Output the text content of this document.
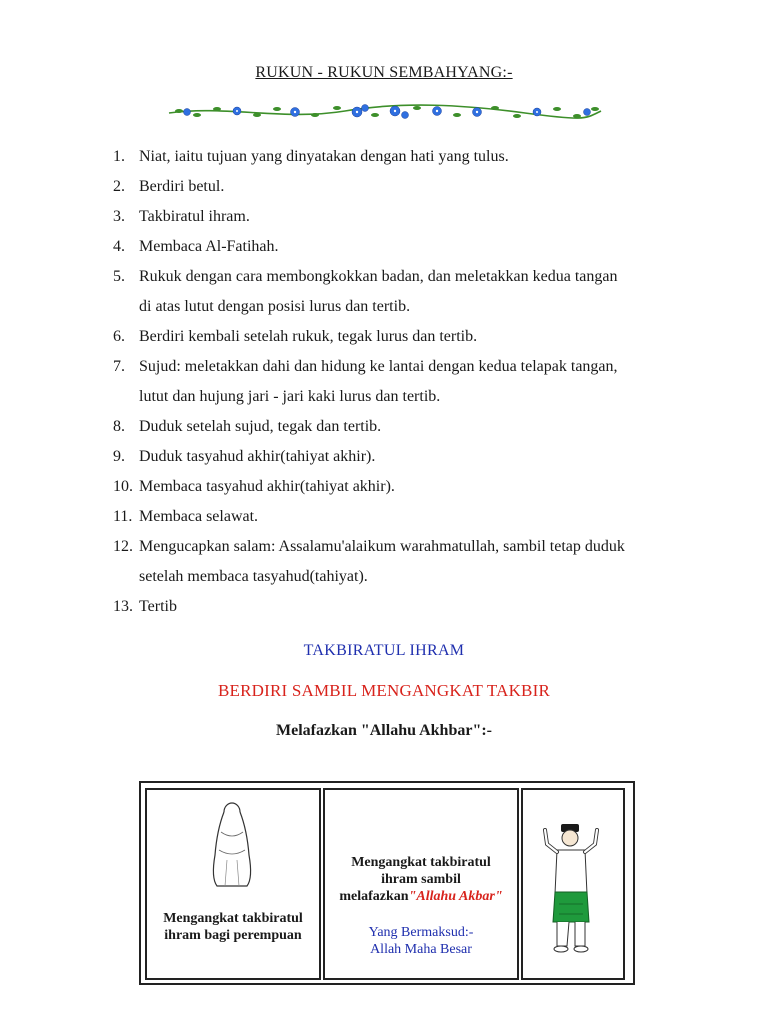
RUKUN - RUKUN SEMBAHYANG:-
1. Niat, iaitu tujuan yang dinyatakan dengan hati yang tulus.
2. Berdiri betul.
3. Takbiratul ihram.
4. Membaca Al-Fatihah.
5. Rukuk dengan cara membongkokkan badan, dan meletakkan kedua tangan
di atas lutut dengan posisi lurus dan tertib.
6. Berdiri kembali setelah rukuk, tegak lurus dan tertib.
7. Sujud: meletakkan dahi dan hidung ke lantai dengan kedua telapak tangan,
lutut dan hujung jari - jari kaki lurus dan tertib.
8. Duduk setelah sujud, tegak dan tertib.
9. Duduk tasyahud akhir(tahiyat akhir).
10. Membaca tasyahud akhir(tahiyat akhir).
11. Membaca selawat.
12. Mengucapkan salam: Assalamu'alaikum warahmatullah, sambil tetap duduk
setelah membaca tasyahud(tahiyat).
13. Tertib
TAKBIRATUL IHRAM
BERDIRI SAMBIL MENGANGKAT TAKBIR
Melafazkan "Allahu Akhbar":-
Mengangkat takbiratul
ihram bagi perempuan
Mengangkat takbiratul
ihram sambil
melafazkan"Allahu Akbar"
Yang Bermaksud:-
Allah Maha Besar
